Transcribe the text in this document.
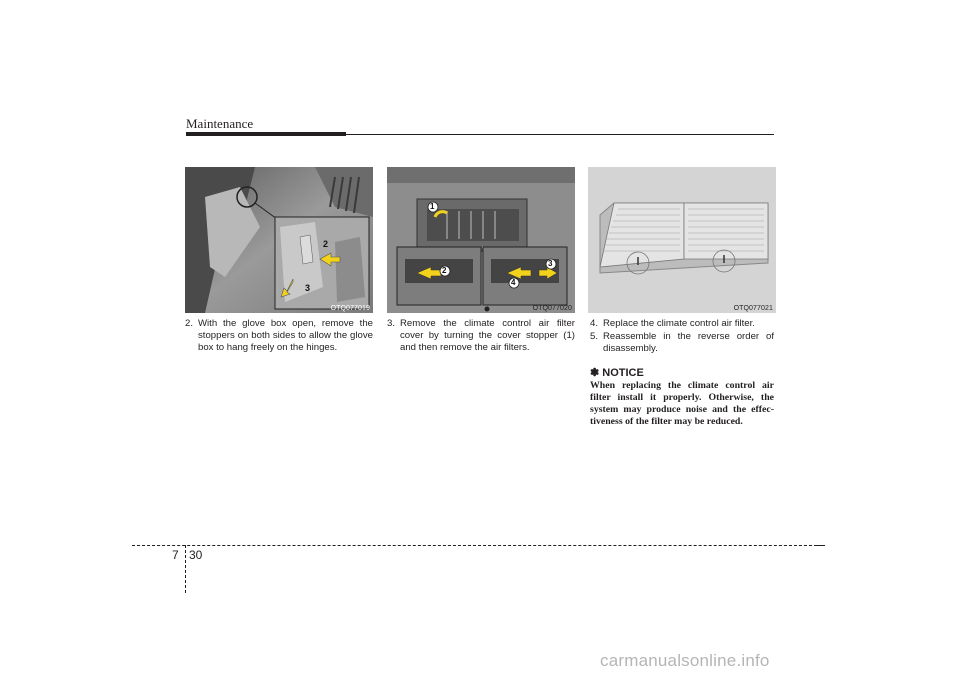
Maintenance
2
3
OTQ077019
1
2
3
4
OTQ077020	OTQ077021

2. With the glove box open, remove the stoppers on both sides to allow the glove box to hang freely on the hinges.

3. Remove the climate control air filter cover by turning the cover stopper (1) and then remove the air filters.

4. Replace the climate control air filter.

5. Reassemble in the reverse order of disassembly.

✽ NOTICE
When replacing the climate control air filter install it properly. Otherwise, the system may produce noise and the effec- tiveness of the filter may be reduced.
7 30
carmanualsonline.info
